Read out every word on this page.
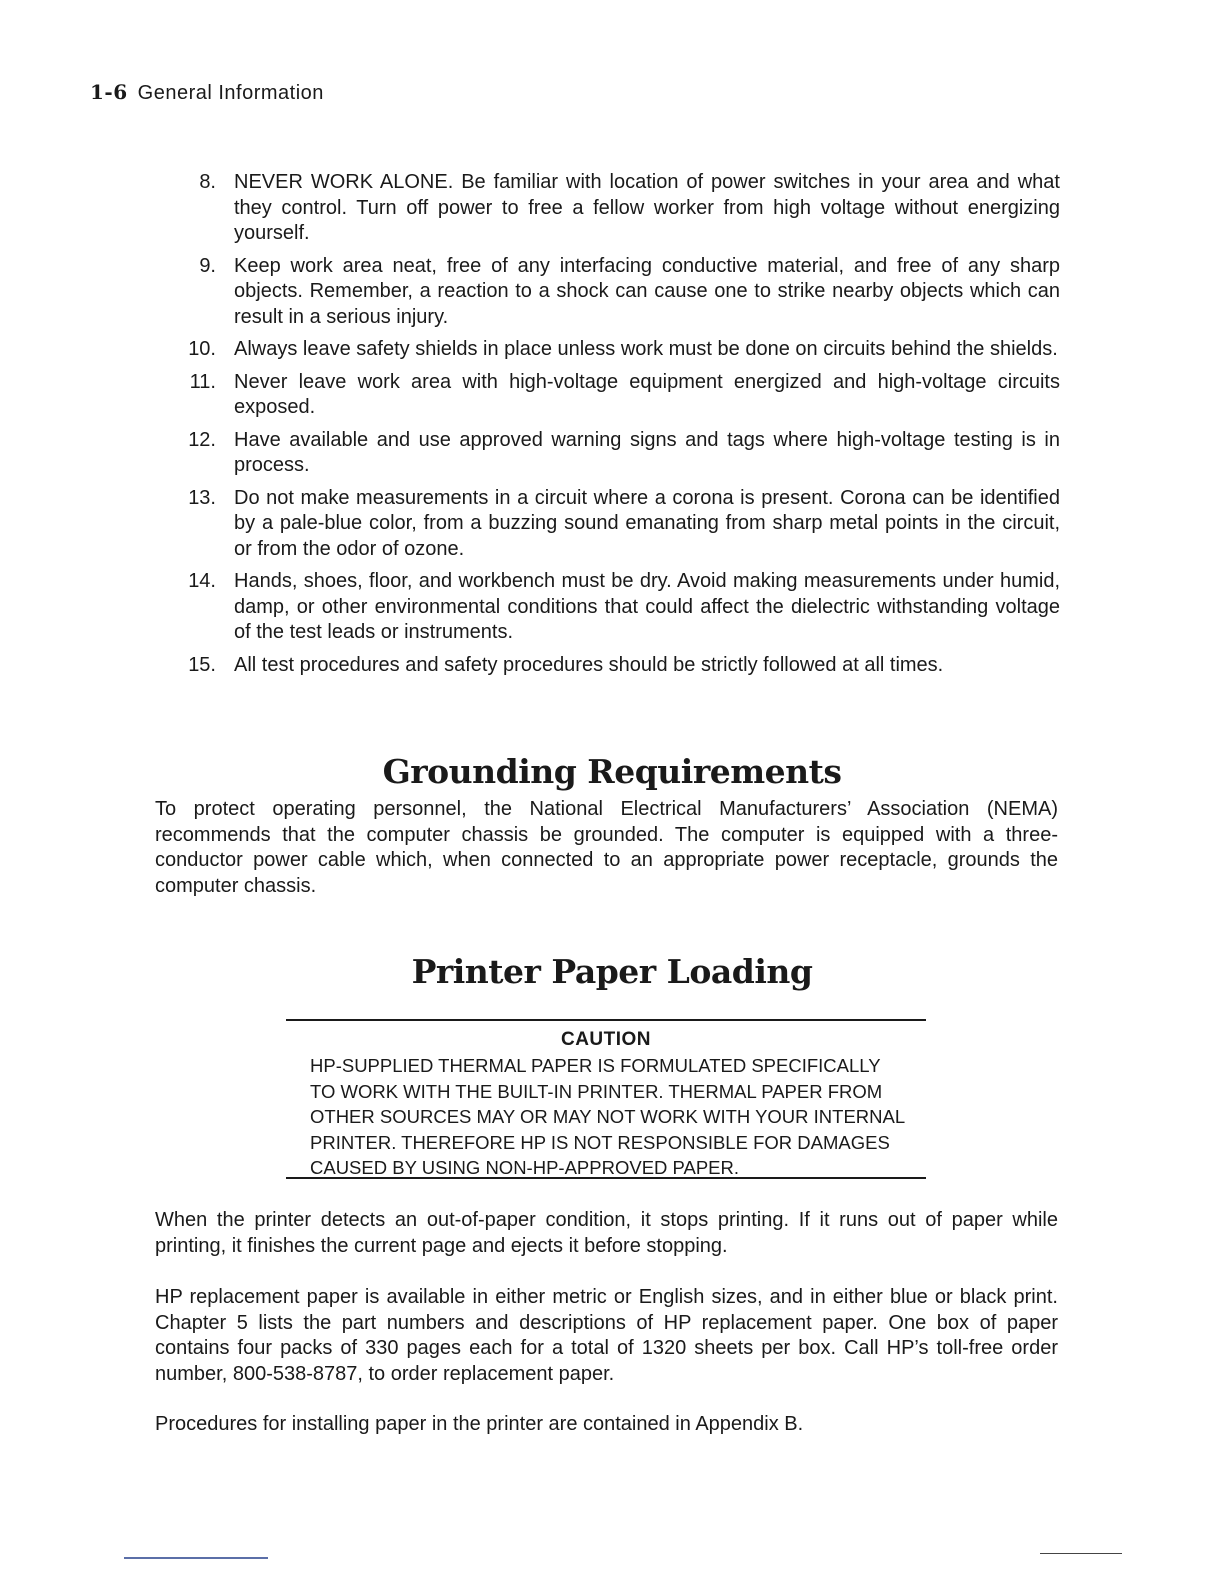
1-6 General Information
8. NEVER WORK ALONE. Be familiar with location of power switches in your area and what they control. Turn off power to free a fellow worker from high voltage without energizing yourself.
9. Keep work area neat, free of any interfacing conductive material, and free of any sharp objects. Remember, a reaction to a shock can cause one to strike nearby objects which can result in a serious injury.
10. Always leave safety shields in place unless work must be done on circuits behind the shields.
11. Never leave work area with high-voltage equipment energized and high-voltage circuits exposed.
12. Have available and use approved warning signs and tags where high-voltage testing is in process.
13. Do not make measurements in a circuit where a corona is present. Corona can be identified by a pale-blue color, from a buzzing sound emanating from sharp metal points in the circuit, or from the odor of ozone.
14. Hands, shoes, floor, and workbench must be dry. Avoid making measurements under humid, damp, or other environmental conditions that could affect the dielectric withstanding voltage of the test leads or instruments.
15. All test procedures and safety procedures should be strictly followed at all times.
Grounding Requirements

To protect operating personnel, the National Electrical Manufacturers’ Association (NEMA) recommends that the computer chassis be grounded. The computer is equipped with a three-conductor power cable which, when connected to an appropriate power receptacle, grounds the computer chassis.

Printer Paper Loading
CAUTION
HP-SUPPLIED THERMAL PAPER IS FORMULATED SPECIFICALLY TO WORK WITH THE BUILT-IN PRINTER. THERMAL PAPER FROM OTHER SOURCES MAY OR MAY NOT WORK WITH YOUR INTERNAL PRINTER. THEREFORE HP IS NOT RESPONSIBLE FOR DAMAGES CAUSED BY USING NON-HP-APPROVED PAPER.

When the printer detects an out-of-paper condition, it stops printing. If it runs out of paper while printing, it finishes the current page and ejects it before stopping.

HP replacement paper is available in either metric or English sizes, and in either blue or black print. Chapter 5 lists the part numbers and descriptions of HP replacement paper. One box of paper contains four packs of 330 pages each for a total of 1320 sheets per box. Call HP’s toll-free order number, 800-538-8787, to order replacement paper.

Procedures for installing paper in the printer are contained in Appendix B.
